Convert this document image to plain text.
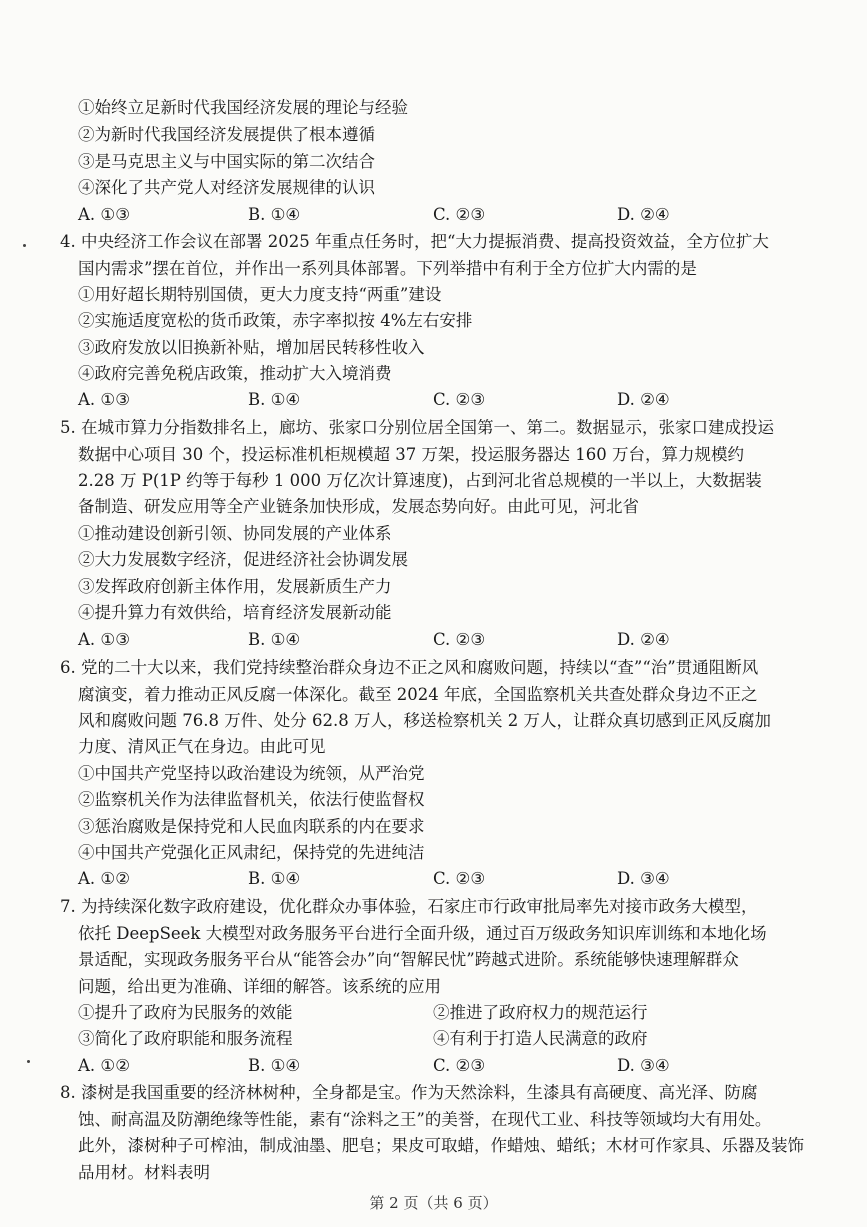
①始终立足新时代我国经济发展的理论与经验
②为新时代我国经济发展提供了根本遵循
③是马克思主义与中国实际的第二次结合
④深化了共产党人对经济发展规律的认识
A. ①③	B. ①④	C. ②③	D. ②④
4. 中央经济工作会议在部署 2025 年重点任务时，把“大力提振消费、提高投资效益，全方位扩大
国内需求”摆在首位，并作出一系列具体部署。下列举措中有利于全方位扩大内需的是
①用好超长期特别国债，更大力度支持“两重”建设
②实施适度宽松的货币政策，赤字率拟按 4%左右安排
③政府发放以旧换新补贴，增加居民转移性收入
④政府完善免税店政策，推动扩大入境消费
A. ①③	B. ①④	C. ②③	D. ②④
5. 在城市算力分指数排名上，廊坊、张家口分别位居全国第一、第二。数据显示，张家口建成投运
数据中心项目 30 个，投运标准机柜规模超 37 万架，投运服务器达 160 万台，算力规模约
2.28 万 P(1P 约等于每秒 1 000 万亿次计算速度)，占到河北省总规模的一半以上，大数据装
备制造、研发应用等全产业链条加快形成，发展态势向好。由此可见，河北省
①推动建设创新引领、协同发展的产业体系
②大力发展数字经济，促进经济社会协调发展
③发挥政府创新主体作用，发展新质生产力
④提升算力有效供给，培育经济发展新动能
A. ①③	B. ①④	C. ②③	D. ②④
6. 党的二十大以来，我们党持续整治群众身边不正之风和腐败问题，持续以“查”“治”贯通阻断风
腐演变，着力推动正风反腐一体深化。截至 2024 年底，全国监察机关共查处群众身边不正之
风和腐败问题 76.8 万件、处分 62.8 万人，移送检察机关 2 万人，让群众真切感到正风反腐加
力度、清风正气在身边。由此可见
①中国共产党坚持以政治建设为统领，从严治党
②监察机关作为法律监督机关，依法行使监督权
③惩治腐败是保持党和人民血肉联系的内在要求
④中国共产党强化正风肃纪，保持党的先进纯洁
A. ①②	B. ①④	C. ②③	D. ③④
7. 为持续深化数字政府建设，优化群众办事体验，石家庄市行政审批局率先对接市政务大模型，
依托 DeepSeek 大模型对政务服务平台进行全面升级，通过百万级政务知识库训练和本地化场
景适配，实现政务服务平台从“能答会办”向“智解民忧”跨越式进阶。系统能够快速理解群众
问题，给出更为准确、详细的解答。该系统的应用
①提升了政府为民服务的效能	②推进了政府权力的规范运行
③简化了政府职能和服务流程	④有利于打造人民满意的政府
A. ①②	B. ①④	C. ②③	D. ③④
8. 漆树是我国重要的经济林树种，全身都是宝。作为天然涂料，生漆具有高硬度、高光泽、防腐
蚀、耐高温及防潮绝缘等性能，素有“涂料之王”的美誉，在现代工业、科技等领域均大有用处。
此外，漆树种子可榨油，制成油墨、肥皂；果皮可取蜡，作蜡烛、蜡纸；木材可作家具、乐器及装饰
品用材。材料表明
第 2 页（共 6 页）
